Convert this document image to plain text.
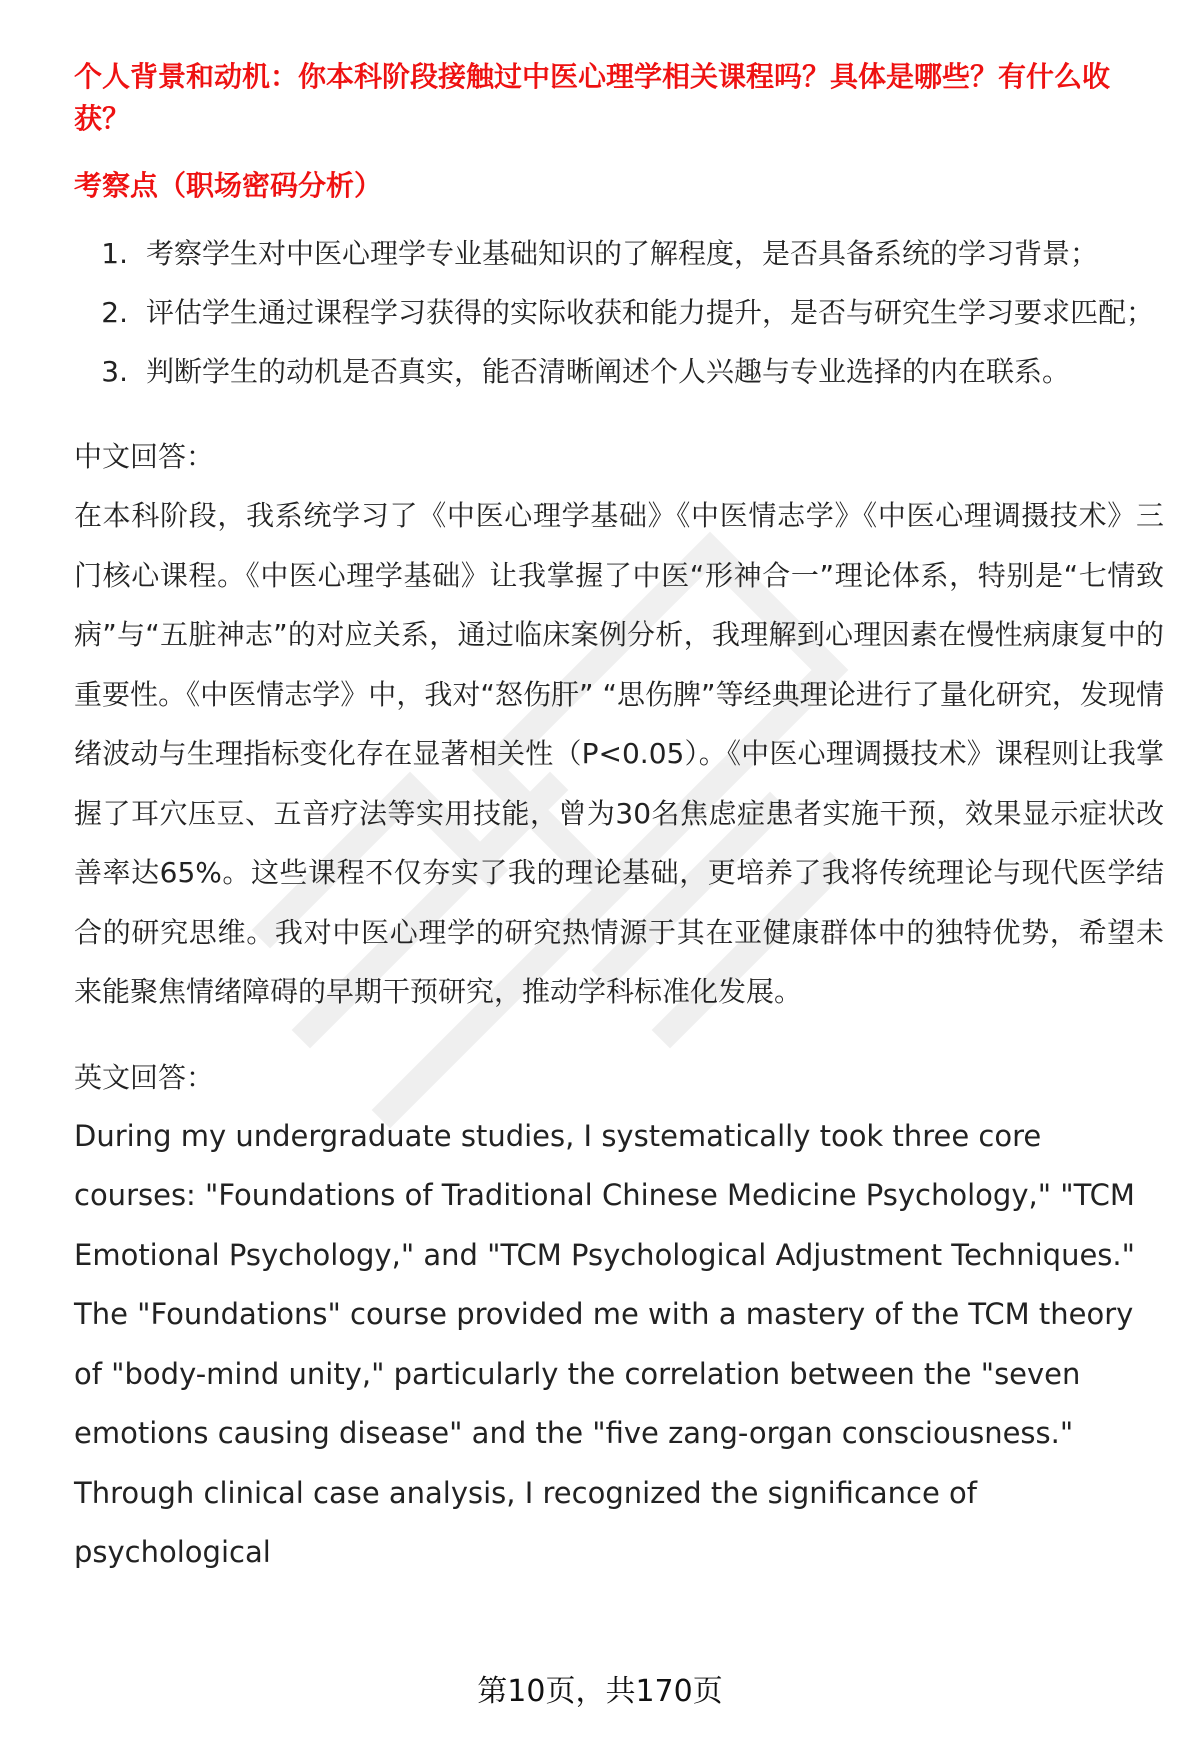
个人背景和动机：你本科阶段接触过中医心理学相关课程吗？具体是哪些？有什么收获？
考察点（职场密码分析）
1. 考察学生对中医心理学专业基础知识的了解程度，是否具备系统的学习背景；
2. 评估学生通过课程学习获得的实际收获和能力提升，是否与研究生学习要求匹配；
3. 判断学生的动机是否真实，能否清晰阐述个人兴趣与专业选择的内在联系。
中文回答：

在本科阶段，我系统学习了《中医心理学基础》《中医情志学》《中医心理调摄技术》三门核心课程。《中医心理学基础》让我掌握了中医“形神合一”理论体系，特别是“七情致病”与“五脏神志”的对应关系，通过临床案例分析，我理解到心理因素在慢性病康复中的重要性。《中医情志学》中，我对“怒伤肝” “思伤脾”等经典理论进行了量化研究，发现情绪波动与生理指标变化存在显著相关性（P<0.05）。《中医心理调摄技术》课程则让我掌握了耳穴压豆、五音疗法等实用技能，曾为30名焦虑症患者实施干预，效果显示症状改善率达65%。这些课程不仅夯实了我的理论基础，更培养了我将传统理论与现代医学结合的研究思维。我对中医心理学的研究热情源于其在亚健康群体中的独特优势，希望未来能聚焦情绪障碍的早期干预研究，推动学科标准化发展。

英文回答：

During my undergraduate studies, I systematically took three core courses: "Foundations of Traditional Chinese Medicine Psychology," "TCM Emotional Psychology," and "TCM Psychological Adjustment Techniques." The "Foundations" course provided me with a mastery of the TCM theory of "body-mind unity," particularly the correlation between the "seven emotions causing disease" and the "five zang-organ consciousness." Through clinical case analysis, I recognized the significance of psychological

第10页，共170页
